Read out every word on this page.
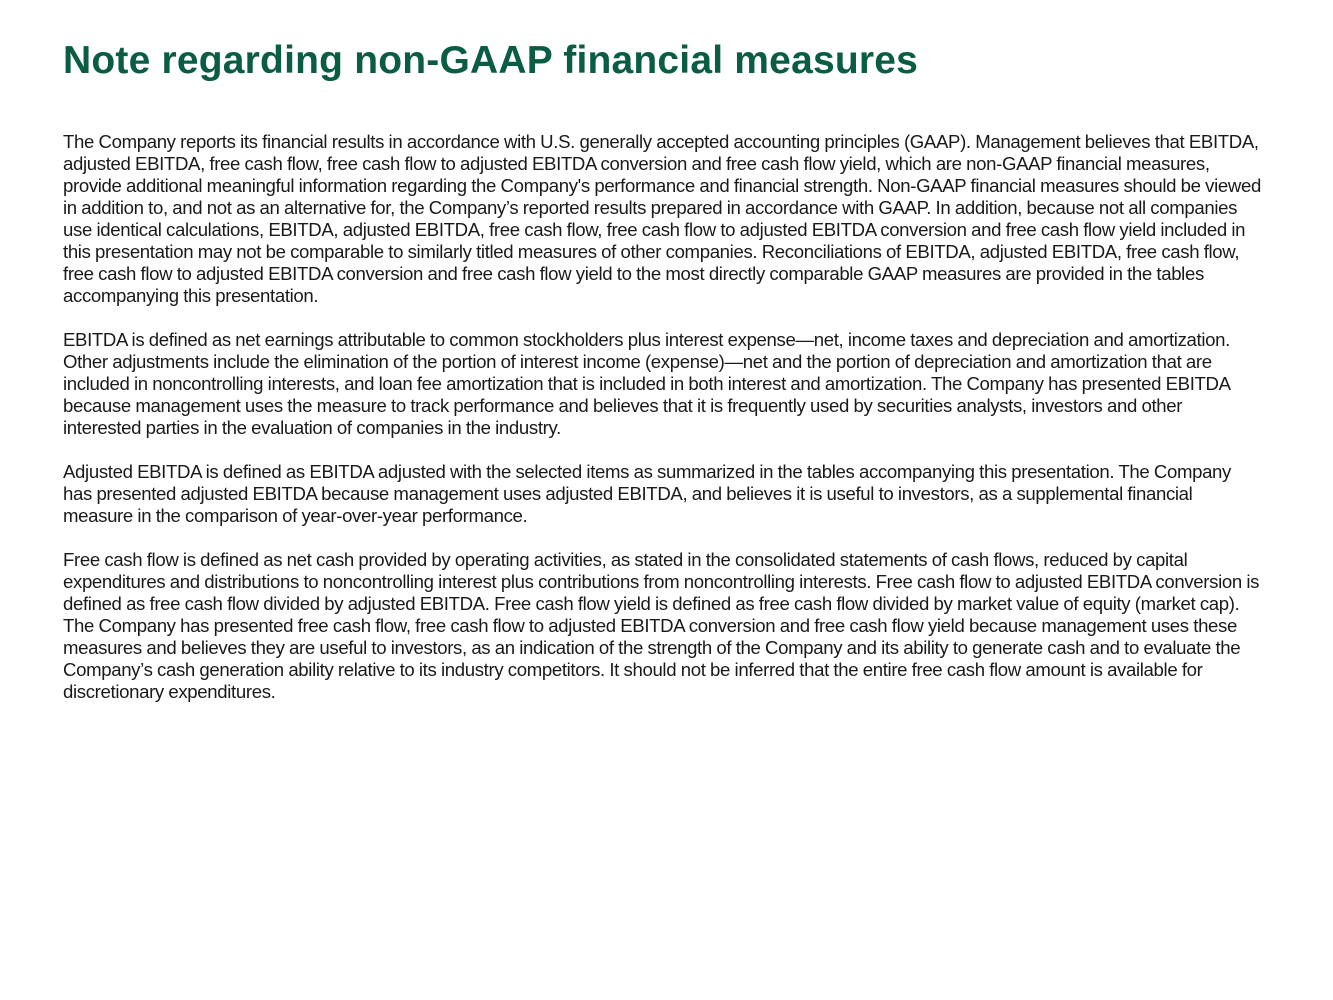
Note regarding non-GAAP financial measures

The Company reports its financial results in accordance with U.S. generally accepted accounting principles (GAAP). Management believes that EBITDA, adjusted EBITDA, free cash flow, free cash flow to adjusted EBITDA conversion and free cash flow yield, which are non-GAAP financial measures, provide additional meaningful information regarding the Company's performance and financial strength. Non-GAAP financial measures should be viewed in addition to, and not as an alternative for, the Company’s reported results prepared in accordance with GAAP. In addition, because not all companies use identical calculations, EBITDA, adjusted EBITDA, free cash flow, free cash flow to adjusted EBITDA conversion and free cash flow yield included in this presentation may not be comparable to similarly titled measures of other companies. Reconciliations of EBITDA, adjusted EBITDA, free cash flow, free cash flow to adjusted EBITDA conversion and free cash flow yield to the most directly comparable GAAP measures are provided in the tables accompanying this presentation.

EBITDA is defined as net earnings attributable to common stockholders plus interest expense—net, income taxes and depreciation and amortization. Other adjustments include the elimination of the portion of interest income (expense)—net and the portion of depreciation and amortization that are included in noncontrolling interests, and loan fee amortization that is included in both interest and amortization. The Company has presented EBITDA because management uses the measure to track performance and believes that it is frequently used by securities analysts, investors and other interested parties in the evaluation of companies in the industry.

Adjusted EBITDA is defined as EBITDA adjusted with the selected items as summarized in the tables accompanying this presentation. The Company has presented adjusted EBITDA because management uses adjusted EBITDA, and believes it is useful to investors, as a supplemental financial measure in the comparison of year-over-year performance.

Free cash flow is defined as net cash provided by operating activities, as stated in the consolidated statements of cash flows, reduced by capital expenditures and distributions to noncontrolling interest plus contributions from noncontrolling interests. Free cash flow to adjusted EBITDA conversion is defined as free cash flow divided by adjusted EBITDA. Free cash flow yield is defined as free cash flow divided by market value of equity (market cap). The Company has presented free cash flow, free cash flow to adjusted EBITDA conversion and free cash flow yield because management uses these measures and believes they are useful to investors, as an indication of the strength of the Company and its ability to generate cash and to evaluate the Company’s cash generation ability relative to its industry competitors. It should not be inferred that the entire free cash flow amount is available for discretionary expenditures.
